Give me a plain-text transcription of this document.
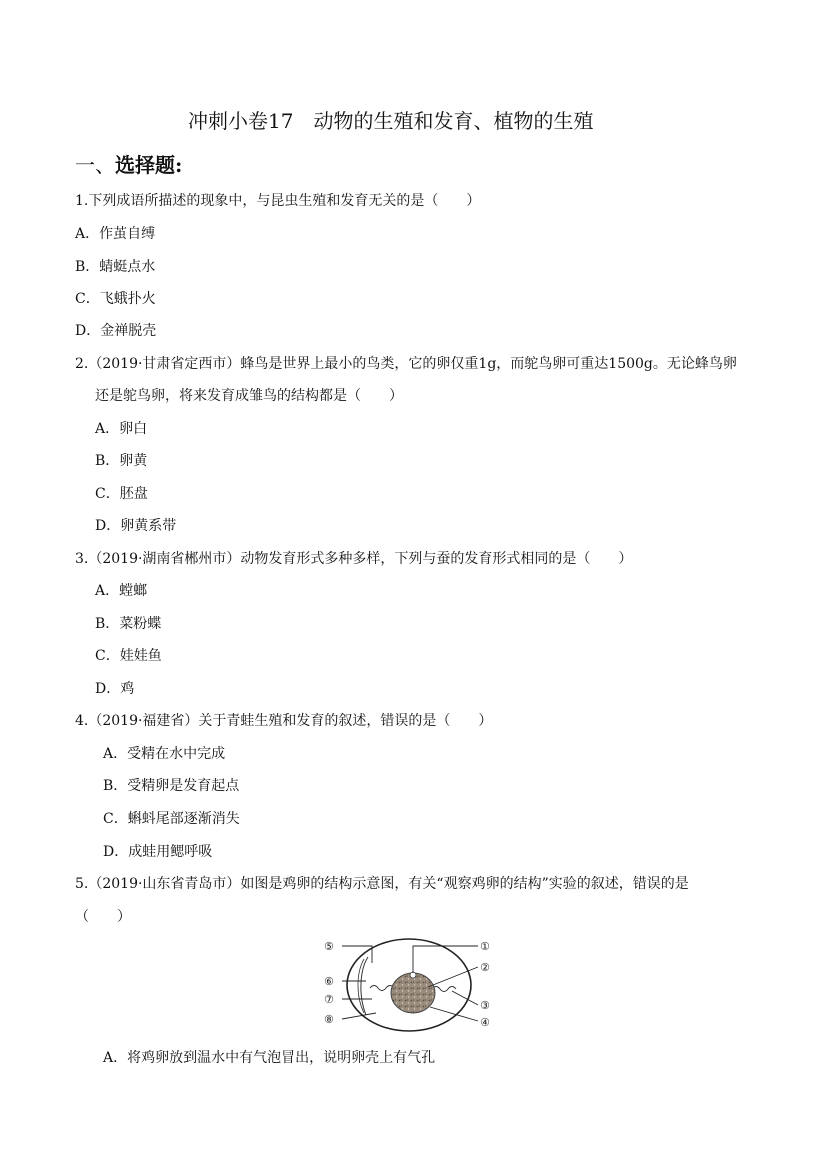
冲刺小卷17　动物的生殖和发育、植物的生殖
一、选择题:
1.下列成语所描述的现象中，与昆虫生殖和发育无关的是（　　）
A．作茧自缚
B．蜻蜓点水
C．飞蛾扑火
D．金禅脱壳
2.（2019·甘肃省定西市）蜂鸟是世界上最小的鸟类，它的卵仅重1g，而鸵鸟卵可重达1500g。无论蜂鸟卵
还是鸵鸟卵，将来发育成雏鸟的结构都是（　　）
A．卵白
B．卵黄
C．胚盘
D．卵黄系带
3.（2019·湖南省郴州市）动物发育形式多种多样，下列与蚕的发育形式相同的是（　　）
A．螳螂
B．菜粉蝶
C．娃娃鱼
D．鸡
4.（2019·福建省）关于青蛙生殖和发育的叙述，错误的是（　　）
A．受精在水中完成
B．受精卵是发育起点
C．蝌蚪尾部逐渐消失
D．成蛙用鳃呼吸
5.（2019·山东省青岛市）如图是鸡卵的结构示意图，有关“观察鸡卵的结构”实验的叙述，错误的是
（　　）
⑤
⑥
⑦
⑧
①
②
③
④
A．将鸡卵放到温水中有气泡冒出，说明卵壳上有气孔
